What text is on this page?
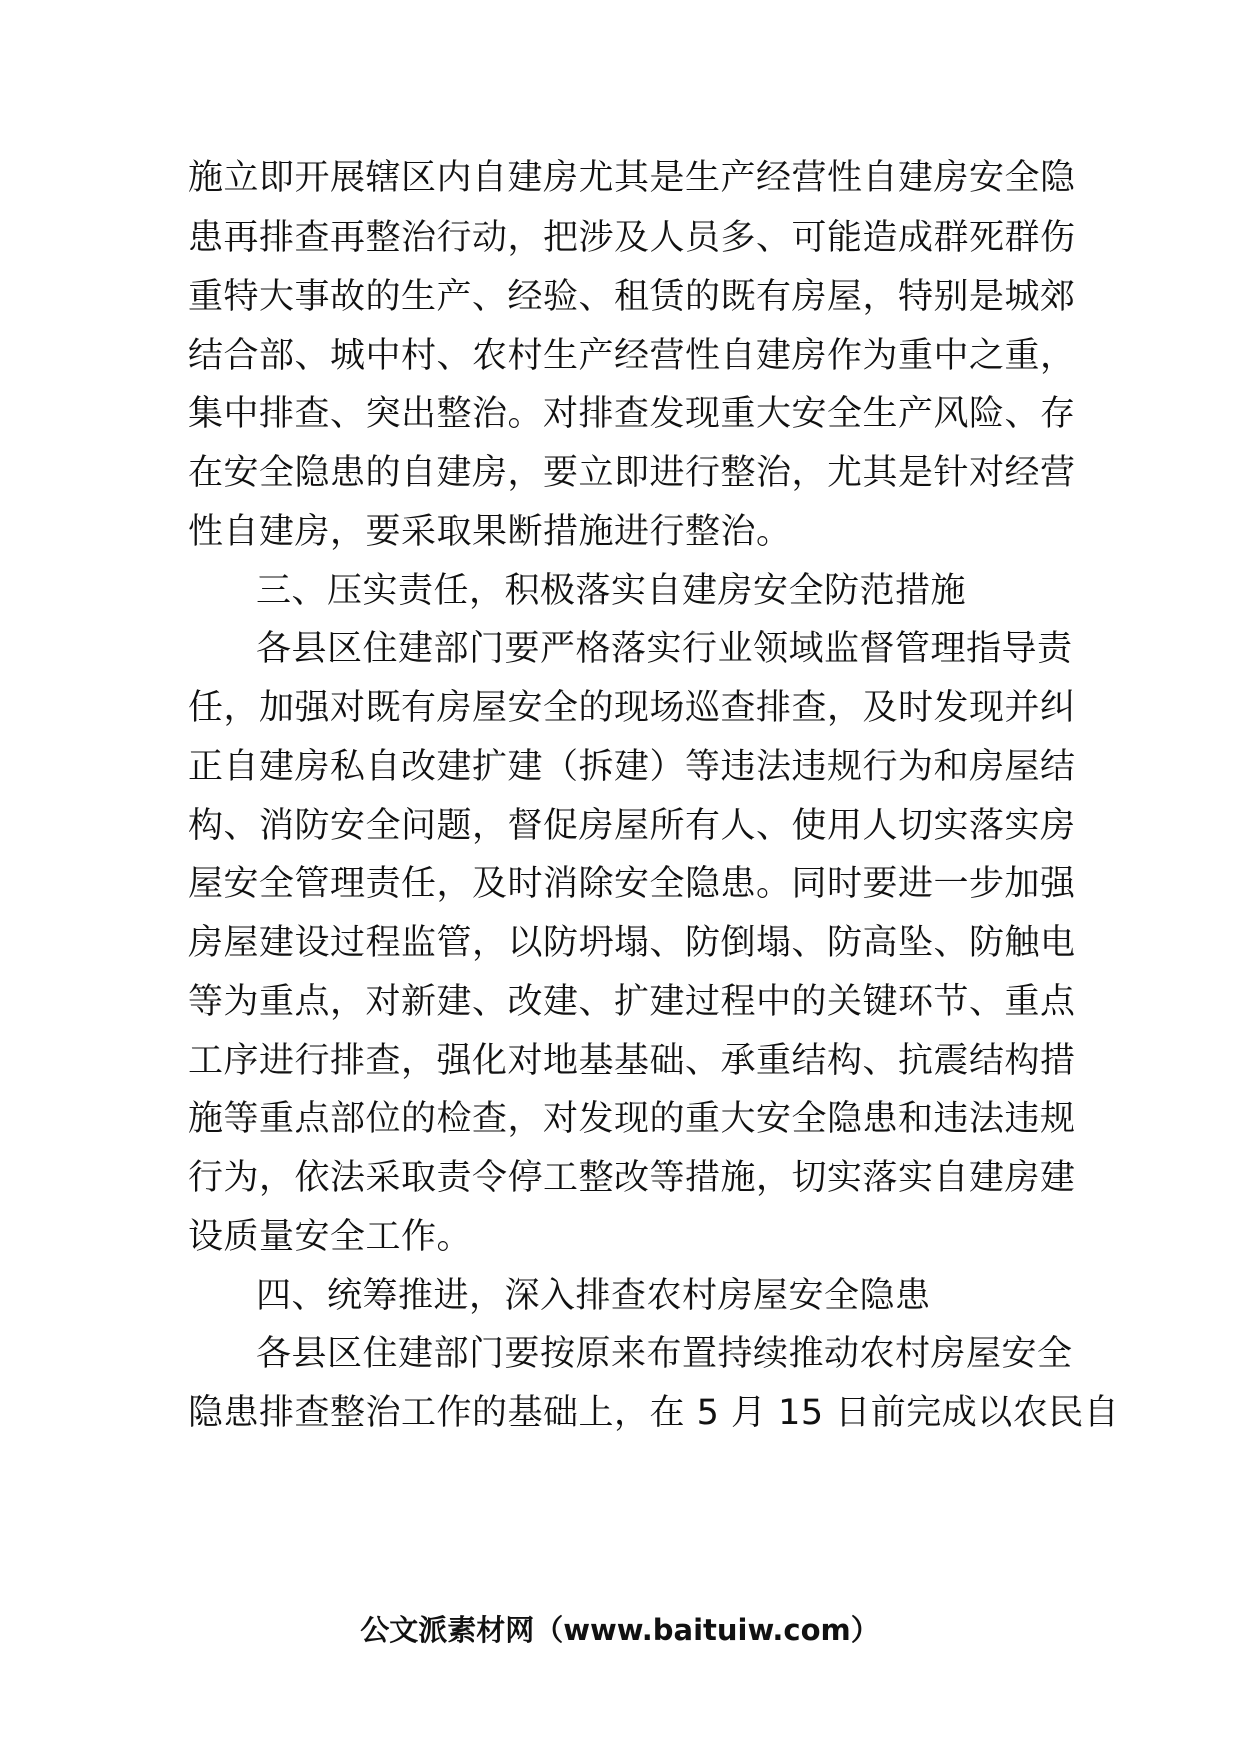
施立即开展辖区内自建房尤其是生产经营性自建房安全隐
患再排查再整治行动，把涉及人员多、可能造成群死群伤
重特大事故的生产、经验、租赁的既有房屋，特别是城郊
结合部、城中村、农村生产经营性自建房作为重中之重，
集中排查、突出整治。对排查发现重大安全生产风险、存
在安全隐患的自建房，要立即进行整治，尤其是针对经营
性自建房，要采取果断措施进行整治。
三、压实责任，积极落实自建房安全防范措施
各县区住建部门要严格落实行业领域监督管理指导责
任，加强对既有房屋安全的现场巡查排查，及时发现并纠
正自建房私自改建扩建（拆建）等违法违规行为和房屋结
构、消防安全问题，督促房屋所有人、使用人切实落实房
屋安全管理责任，及时消除安全隐患。同时要进一步加强
房屋建设过程监管，以防坍塌、防倒塌、防高坠、防触电
等为重点，对新建、改建、扩建过程中的关键环节、重点
工序进行排查，强化对地基基础、承重结构、抗震结构措
施等重点部位的检查，对发现的重大安全隐患和违法违规
行为，依法采取责令停工整改等措施，切实落实自建房建
设质量安全工作。
四、统筹推进，深入排查农村房屋安全隐患
各县区住建部门要按原来布置持续推动农村房屋安全
隐患排查整治工作的基础上，在 5 月 15 日前完成以农民自
公文派素材网（www.baituiw.com）
